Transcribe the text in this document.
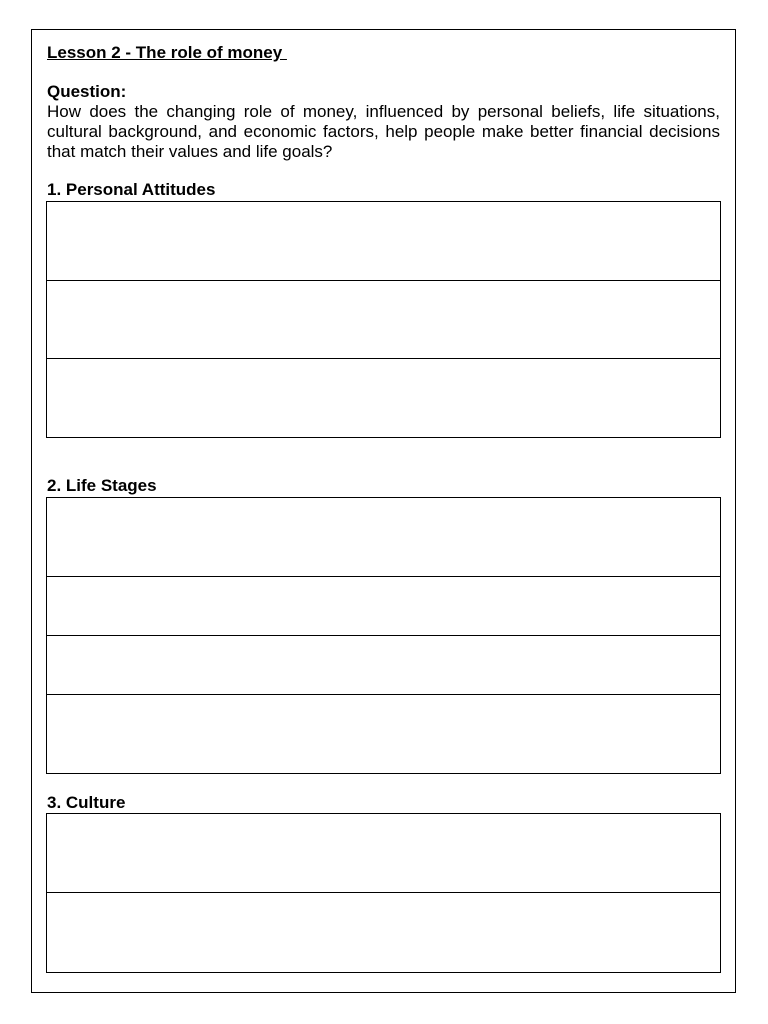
Lesson 2 - The role of money
Question:
How does the changing role of money, influenced by personal beliefs, life situations, cultural background, and economic factors, help people make better financial decisions that match their values and life goals?
1. Personal Attitudes
2. Life Stages
3. Culture
